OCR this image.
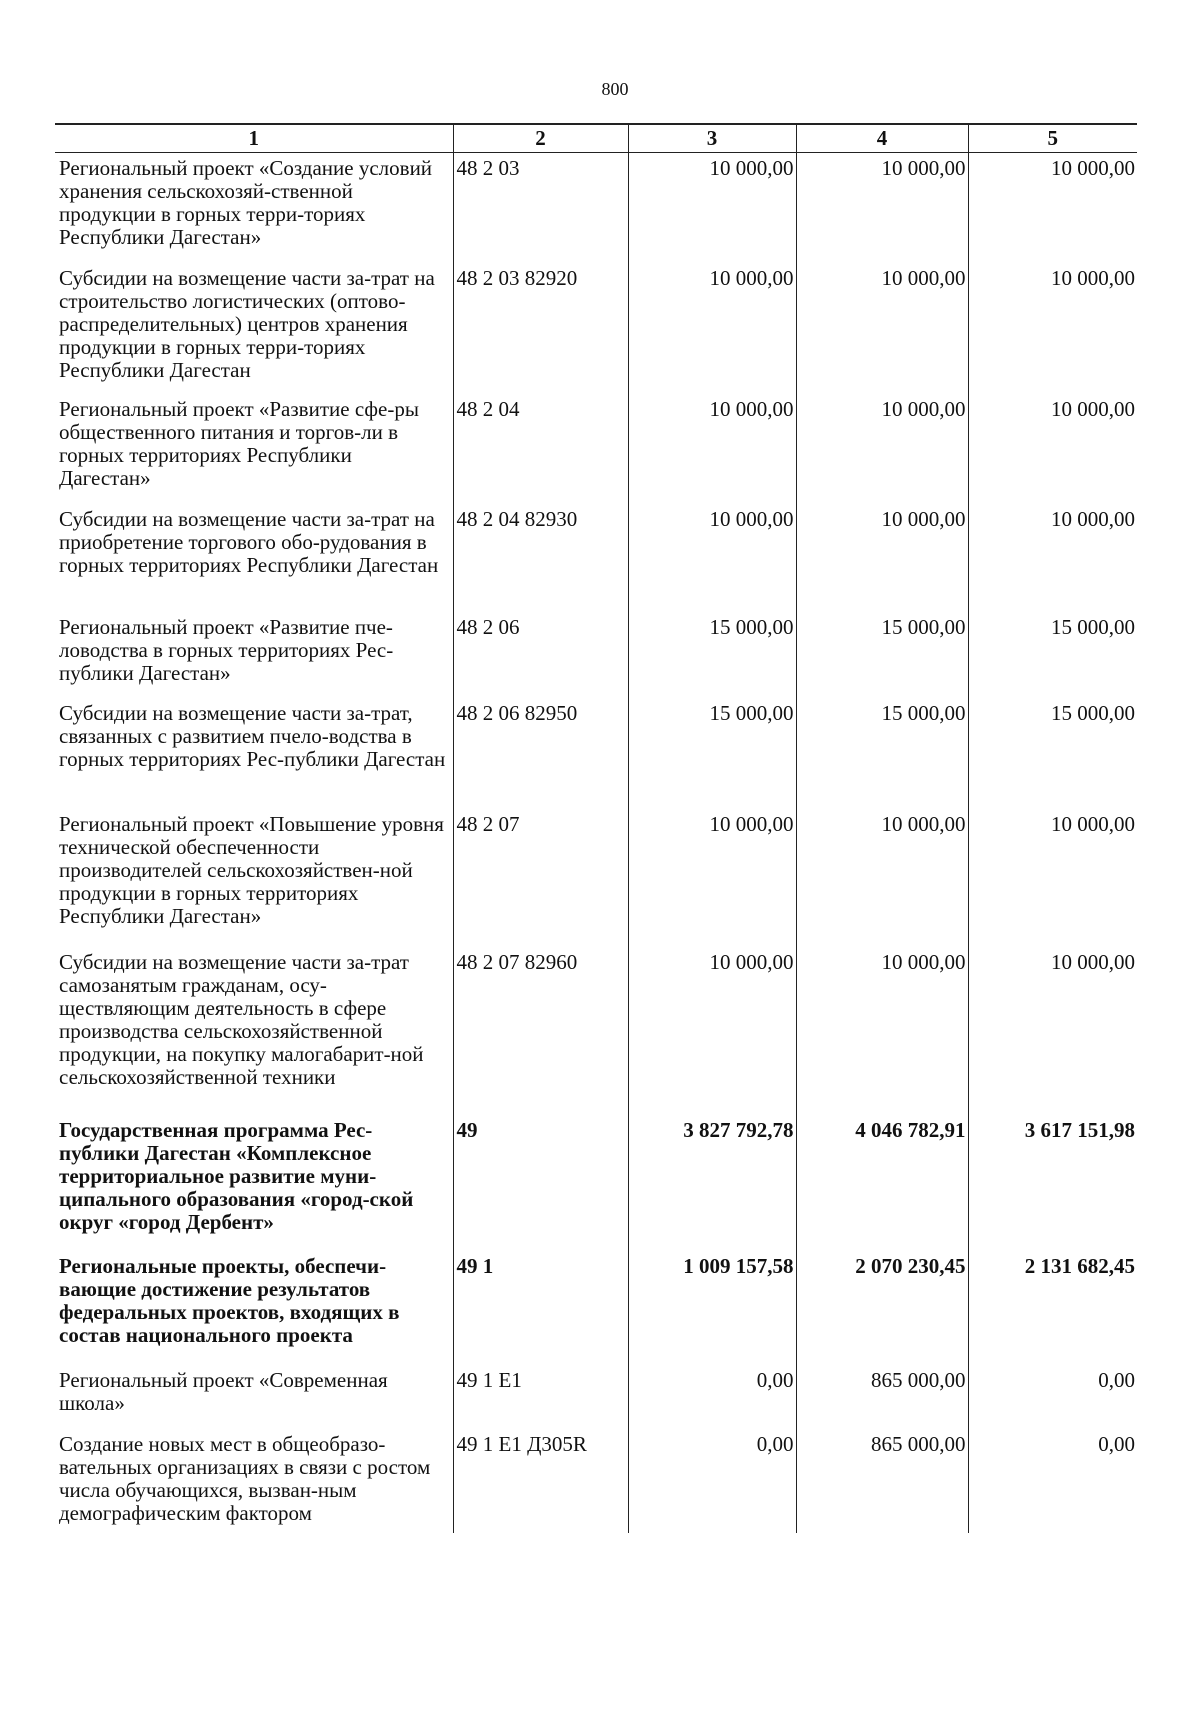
800
1	2	3	4	5
Региональный проект «Создание условий хранения сельскохозяй-ственной продукции в горных терри-ториях Республики Дагестан»	48 2 03	10 000,00	10 000,00	10 000,00
Субсидии на возмещение части за-трат на строительство логистических (оптово-распределительных) центров хранения продукции в горных терри-ториях Республики Дагестан	48 2 03 82920	10 000,00	10 000,00	10 000,00
Региональный проект «Развитие сфе-ры общественного питания и торгов-ли в горных территориях Республики Дагестан»	48 2 04	10 000,00	10 000,00	10 000,00
Субсидии на возмещение части за-трат на приобретение торгового обо-рудования в горных территориях Республики Дагестан	48 2 04 82930	10 000,00	10 000,00	10 000,00
Региональный проект «Развитие пче-ловодства в горных территориях Рес-публики Дагестан»	48 2 06	15 000,00	15 000,00	15 000,00
Субсидии на возмещение части за-трат, связанных с развитием пчело-водства в горных территориях Рес-публики Дагестан	48 2 06 82950	15 000,00	15 000,00	15 000,00
Региональный проект «Повышение уровня технической обеспеченности производителей сельскохозяйствен-ной продукции в горных территориях Республики Дагестан»	48 2 07	10 000,00	10 000,00	10 000,00
Субсидии на возмещение части за-трат самозанятым гражданам, осу-ществляющим деятельность в сфере производства сельскохозяйственной продукции, на покупку малогабарит-ной сельскохозяйственной техники	48 2 07 82960	10 000,00	10 000,00	10 000,00
Государственная программа Рес-публики Дагестан «Комплексное территориальное развитие муни-ципального образования «город-ской округ «город Дербент»	49	3 827 792,78	4 046 782,91	3 617 151,98
Региональные проекты, обеспечи-вающие достижение результатов федеральных проектов, входящих в состав национального проекта	49 1	1 009 157,58	2 070 230,45	2 131 682,45
Региональный проект «Современная школа»	49 1 E1	0,00	865 000,00	0,00
Создание новых мест в общеобразо-вательных организациях в связи с ростом числа обучающихся, вызван-ным демографическим фактором	49 1 E1 Д305R	0,00	865 000,00	0,00
